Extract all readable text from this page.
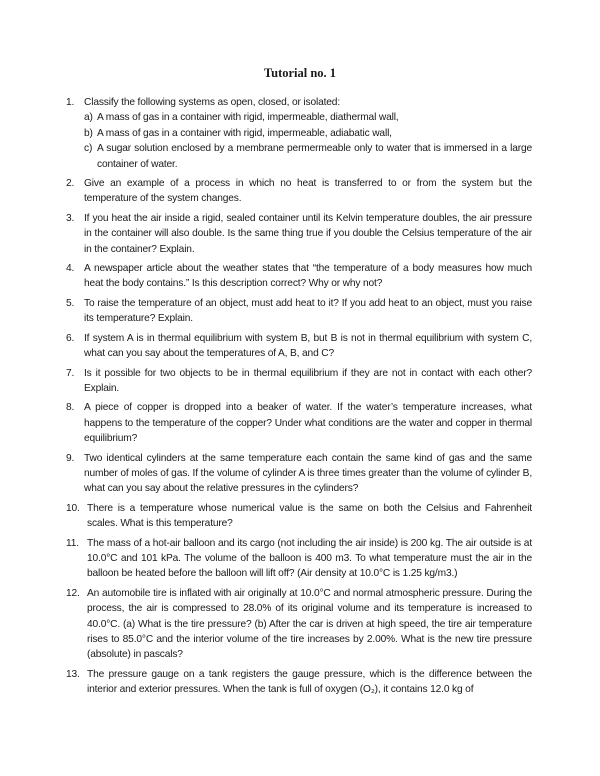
Tutorial no. 1
1. Classify the following systems as open, closed, or isolated:
a) A mass of gas in a container with rigid, impermeable, diathermal wall,
b) A mass of gas in a container with rigid, impermeable, adiabatic wall,
c) A sugar solution enclosed by a membrane permermeable only to water that is immersed in a large container of water.
2. Give an example of a process in which no heat is transferred to or from the system but the temperature of the system changes.
3. If you heat the air inside a rigid, sealed container until its Kelvin temperature doubles, the air pressure in the container will also double. Is the same thing true if you double the Celsius temperature of the air in the container? Explain.
4. A newspaper article about the weather states that “the temperature of a body measures how much heat the body contains.” Is this description correct? Why or why not?
5. To raise the temperature of an object, must add heat to it? If you add heat to an object, must you raise its temperature? Explain.
6. If system A is in thermal equilibrium with system B, but B is not in thermal equilibrium with system C, what can you say about the temperatures of A, B, and C?
7. Is it possible for two objects to be in thermal equilibrium if they are not in contact with each other? Explain.
8. A piece of copper is dropped into a beaker of water. If the water’s temperature increases, what happens to the temperature of the copper? Under what conditions are the water and copper in thermal equilibrium?
9. Two identical cylinders at the same temperature each contain the same kind of gas and the same number of moles of gas. If the volume of cylinder A is three times greater than the volume of cylinder B, what can you say about the relative pressures in the cylinders?
10. There is a temperature whose numerical value is the same on both the Celsius and Fahrenheit scales. What is this temperature?
11. The mass of a hot-air balloon and its cargo (not including the air inside) is 200 kg. The air outside is at 10.0°C and 101 kPa. The volume of the balloon is 400 m3. To what temperature must the air in the balloon be heated before the balloon will lift off? (Air density at 10.0°C is 1.25 kg/m3.)
12. An automobile tire is inflated with air originally at 10.0°C and normal atmospheric pressure. During the process, the air is compressed to 28.0% of its original volume and its temperature is increased to 40.0°C. (a) What is the tire pressure? (b) After the car is driven at high speed, the tire air temperature rises to 85.0°C and the interior volume of the tire increases by 2.00%. What is the new tire pressure (absolute) in pascals?
13. The pressure gauge on a tank registers the gauge pressure, which is the difference between the interior and exterior pressures. When the tank is full of oxygen (O₂), it contains 12.0 kg of
